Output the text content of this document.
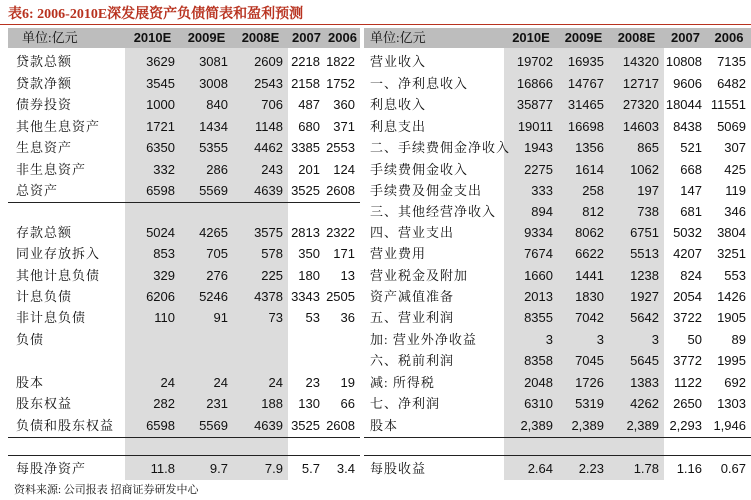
表6: 2006-2010E深发展资产负债简表和盈利预测
单位:亿元	2010E	2009E	2008E 2007 2006
贷款总额	3629	3081	2609 2218 1822
贷款净额	3545	3008	2543 2158 1752
债券投资	1000	840	706	487	360
其他生息资产	1721	1434	1148	680	371
生息资产	6350	5355	4462 3385 2553
非生息资产	332	286	243	201	124
总资产	6598	5569	4639 3525 2608
存款总额	5024	4265	3575 2813 2322
同业存放拆入	853	705	578	350	171
其他计息负债	329	276	225	180	13
计息负债	6206	5246	4378 3343 2505
非计息负债	110	91	73	53	36
负债
股本	24	24	24	23	19
股东权益	282	231	188	130	66
负债和股东权益	6598	5569	4639 3525 2608
每股净资产	11.8	9.7	7.9	5.7	3.4
单位:亿元	2010E	2009E	2008E	2007	2006
营业收入	19702	16935	14320 10808	7135
一、净利息收入	16866	14767	12717	9606	6482
利息收入	35877	31465	27320 18044 11551
利息支出	19011	16698	14603	8438	5069
二、手续费佣金净收入	1943	1356	865	521	307
手续费佣金收入	2275	1614	1062	668	425
手续费及佣金支出	333	258	197	147	119
三、其他经营净收入	894	812	738	681	346
四、营业支出	9334	8062	6751	5032	3804
营业费用	7674	6622	5513	4207	3251
营业税金及附加	1660	1441	1238	824	553
资产减值准备	2013	1830	1927	2054	1426
五、营业利润	8355	7042	5642	3722	1905
加: 营业外净收益	3	3	3	50	89
六、税前利润	8358	7045	5645	3772	1995
减: 所得税	2048	1726	1383	1122	692
七、净利润	6310	5319	4262	2650	1303
股本	2,389	2,389	2,389 2,293 1,946
每股收益	2.64	2.23	1.78	1.16	0.67
资料来源: 公司报表 招商证券研发中心
